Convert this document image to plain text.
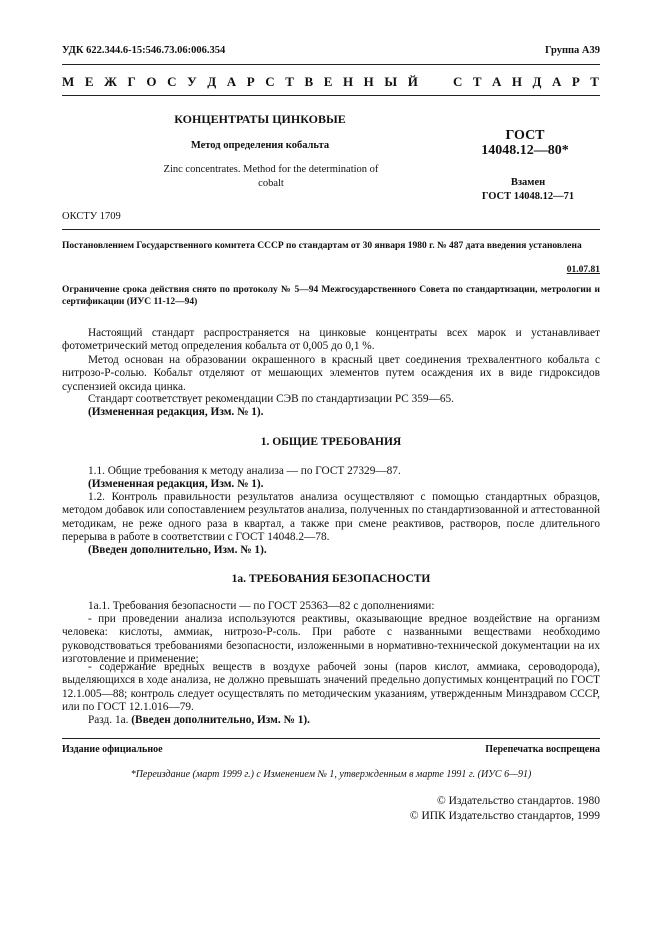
УДК 622.344.6-15:546.73.06:006.354	Группа А39
М Е Ж Г О С У Д А Р С Т В Е Н Н Ы Й	С Т А Н Д А Р Т
КОНЦЕНТРАТЫ ЦИНКОВЫЕ
Метод определения кобальта
Zinc concentrates. Method for the determination of cobalt
ГОСТ
14048.12—80*
Взамен
ГОСТ 14048.12—71
ОКСТУ 1709
Постановлением Государственного комитета СССР по стандартам от 30 января 1980 г. № 487 дата введения установлена
01.07.81
Ограничение срока действия снято по протоколу № 5—94 Межгосударственного Совета по стандартизации, метрологии и сертификации (ИУС 11-12—94)
Настоящий стандарт распространяется на цинковые концентраты всех марок и устанавливает фотометрический метод определения кобальта от 0,005 до 0,1 %.
Метод основан на образовании окрашенного в красный цвет соединения трехвалентного кобальта с нитрозо-Р-солью. Кобальт отделяют от мешающих элементов путем осаждения их в виде гидроксидов суспензией оксида цинка.
Стандарт соответствует рекомендации СЭВ по стандартизации РС 359—65.
(Измененная редакция, Изм. № 1).
1. ОБЩИЕ ТРЕБОВАНИЯ
1.1. Общие требования к методу анализа — по ГОСТ 27329—87.
(Измененная редакция, Изм. № 1).
1.2. Контроль правильности результатов анализа осуществляют с помощью стандартных образцов, методом добавок или сопоставлением результатов анализа, полученных по стандартизованной и аттестованной методикам, не реже одного раза в квартал, а также при смене реактивов, растворов, после длительного перерыва в работе в соответствии с ГОСТ 14048.2—78.
(Введен дополнительно, Изм. № 1).
1а. ТРЕБОВАНИЯ БЕЗОПАСНОСТИ
1а.1. Требования безопасности — по ГОСТ 25363—82 с дополнениями:
- при проведении анализа используются реактивы, оказывающие вредное воздействие на организм человека: кислоты, аммиак, нитрозо-Р-соль. При работе с названными веществами необходимо руководствоваться требованиями безопасности, изложенными в нормативно-технической документации на их изготовление и применение;
- содержание вредных веществ в воздухе рабочей зоны (паров кислот, аммиака, сероводорода), выделяющихся в ходе анализа, не должно превышать значений предельно допустимых концентраций по ГОСТ 12.1.005—88; контроль следует осуществлять по методическим указаниям, утвержденным Минздравом СССР, или по ГОСТ 12.1.016—79.
Разд. 1а. (Введен дополнительно, Изм. № 1).
Издание официальное	Перепечатка воспрещена
*Переиздание (март 1999 г.) с Изменением № 1, утвержденным в марте 1991 г. (ИУС 6—91)
© Издательство стандартов. 1980
© ИПК Издательство стандартов, 1999
